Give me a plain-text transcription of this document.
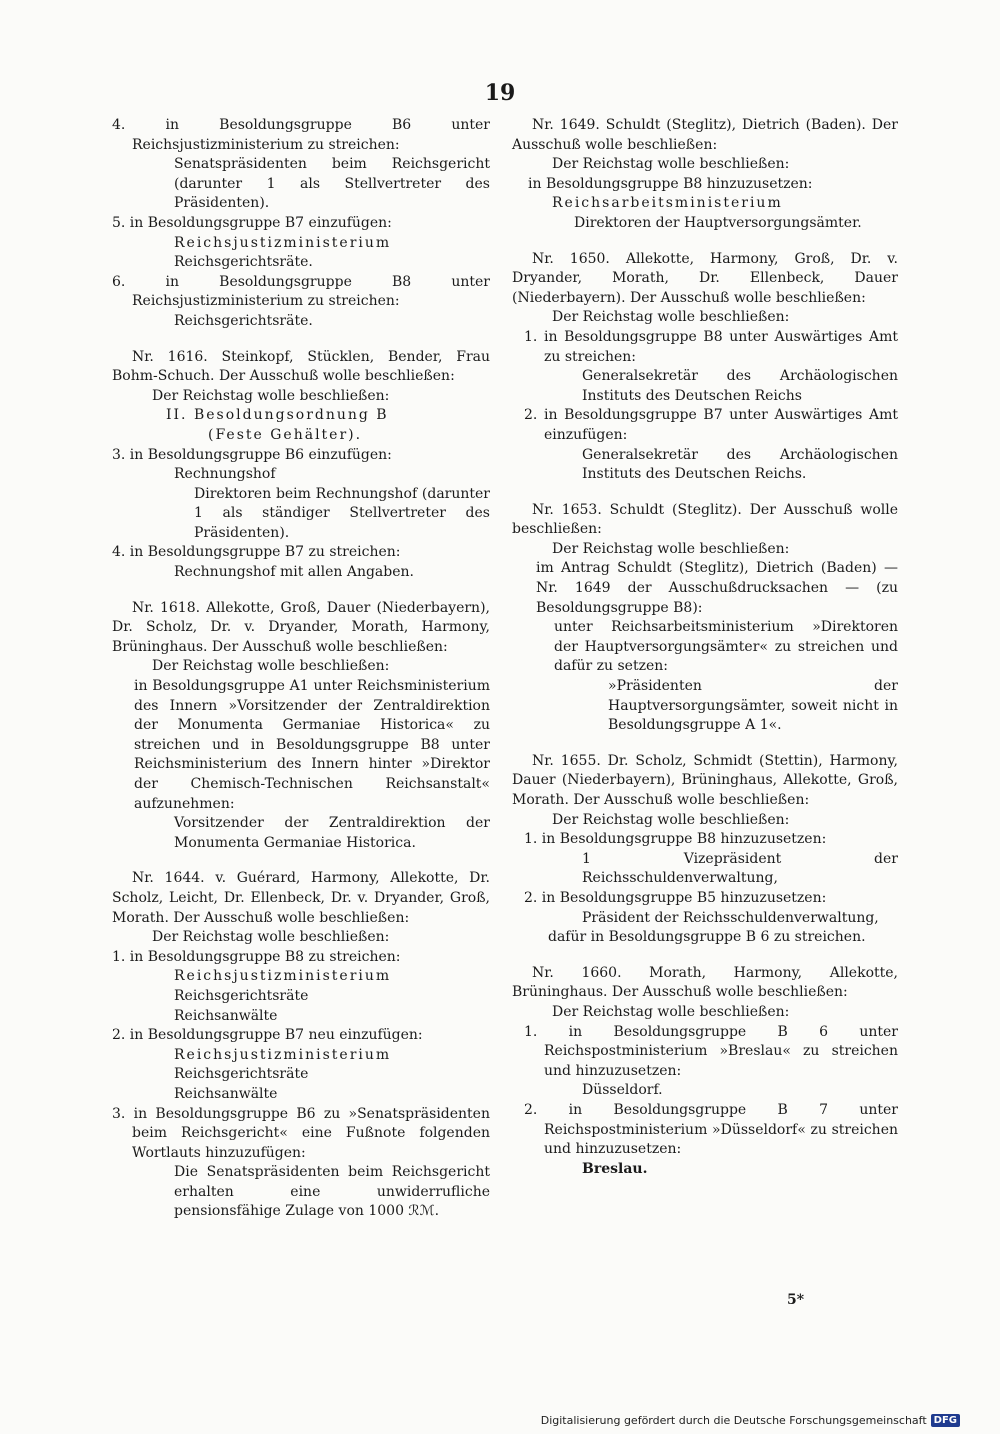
19

4. in Besoldungsgruppe B6 unter Reichsjustizministerium zu streichen:

Senatspräsidenten beim Reichsgericht (darunter 1 als Stellvertreter des Präsidenten).

5. in Besoldungsgruppe B7 einzufügen:

Reichsjustizministerium

Reichsgerichtsräte.

6. in Besoldungsgruppe B8 unter Reichsjustizministerium zu streichen:

Reichsgerichtsräte.

Nr. 1616. Steinkopf, Stücklen, Bender, Frau Bohm-Schuch. Der Ausschuß wolle beschließen:

Der Reichstag wolle beschließen:

II. Besoldungsordnung B

(Feste Gehälter).

3. in Besoldungsgruppe B6 einzufügen:

Rechnungshof

Direktoren beim Rechnungshof (darunter 1 als ständiger Stellvertreter des Präsidenten).

4. in Besoldungsgruppe B7 zu streichen:

Rechnungshof mit allen Angaben.

Nr. 1618. Allekotte, Groß, Dauer (Niederbayern), Dr. Scholz, Dr. v. Dryander, Morath, Harmony, Brüninghaus. Der Ausschuß wolle beschließen:

Der Reichstag wolle beschließen:

in Besoldungsgruppe A1 unter Reichsministerium des Innern »Vorsitzender der Zentraldirektion der Monumenta Germaniae Historica« zu streichen und in Besoldungsgruppe B8 unter Reichsministerium des Innern hinter »Direktor der Chemisch-Technischen Reichsanstalt« aufzunehmen:

Vorsitzender der Zentraldirektion der Monumenta Germaniae Historica.

Nr. 1644. v. Guérard, Harmony, Allekotte, Dr. Scholz, Leicht, Dr. Ellenbeck, Dr. v. Dryander, Groß, Morath. Der Ausschuß wolle beschließen:

Der Reichstag wolle beschließen:

1. in Besoldungsgruppe B8 zu streichen:

Reichsjustizministerium

Reichsgerichtsräte

Reichsanwälte

2. in Besoldungsgruppe B7 neu einzufügen:

Reichsjustizministerium

Reichsgerichtsräte

Reichsanwälte

3. in Besoldungsgruppe B6 zu »Senatspräsidenten beim Reichsgericht« eine Fußnote folgenden Wortlauts hinzuzufügen:

Die Senatspräsidenten beim Reichsgericht erhalten eine unwiderrufliche pensionsfähige Zulage von 1000 ℛℳ.

Nr. 1649. Schuldt (Steglitz), Dietrich (Baden). Der Ausschuß wolle beschließen:

Der Reichstag wolle beschließen:

in Besoldungsgruppe B8 hinzuzusetzen:

Reichsarbeitsministerium

Direktoren der Hauptversorgungsämter.

Nr. 1650. Allekotte, Harmony, Groß, Dr. v. Dryander, Morath, Dr. Ellenbeck, Dauer (Niederbayern). Der Ausschuß wolle beschließen:

Der Reichstag wolle beschließen:

1. in Besoldungsgruppe B8 unter Auswärtiges Amt zu streichen:

Generalsekretär des Archäologischen Instituts des Deutschen Reichs

2. in Besoldungsgruppe B7 unter Auswärtiges Amt einzufügen:

Generalsekretär des Archäologischen Instituts des Deutschen Reichs.

Nr. 1653. Schuldt (Steglitz). Der Ausschuß wolle beschließen:

Der Reichstag wolle beschließen:

im Antrag Schuldt (Steglitz), Dietrich (Baden) — Nr. 1649 der Ausschußdrucksachen — (zu Besoldungsgruppe B8):

unter Reichsarbeitsministerium »Direktoren der Hauptversorgungsämter« zu streichen und dafür zu setzen:

»Präsidenten der Hauptversorgungsämter, soweit nicht in Besoldungsgruppe A 1«.

Nr. 1655. Dr. Scholz, Schmidt (Stettin), Harmony, Dauer (Niederbayern), Brüninghaus, Allekotte, Groß, Morath. Der Ausschuß wolle beschließen:

Der Reichstag wolle beschließen:

1. in Besoldungsgruppe B8 hinzuzusetzen:

1 Vizepräsident der Reichsschuldenverwaltung,

2. in Besoldungsgruppe B5 hinzuzusetzen:

Präsident der Reichsschuldenverwaltung,

dafür in Besoldungsgruppe B 6 zu streichen.

Nr. 1660. Morath, Harmony, Allekotte, Brüninghaus. Der Ausschuß wolle beschließen:

Der Reichstag wolle beschließen:

1. in Besoldungsgruppe B 6 unter Reichspostministerium »Breslau« zu streichen und hinzuzusetzen:

Düsseldorf.

2. in Besoldungsgruppe B 7 unter Reichspostministerium »Düsseldorf« zu streichen und hinzuzusetzen:

Breslau.

5*
Digitalisierung gefördert durch die Deutsche Forschungsgemeinschaft DFG
